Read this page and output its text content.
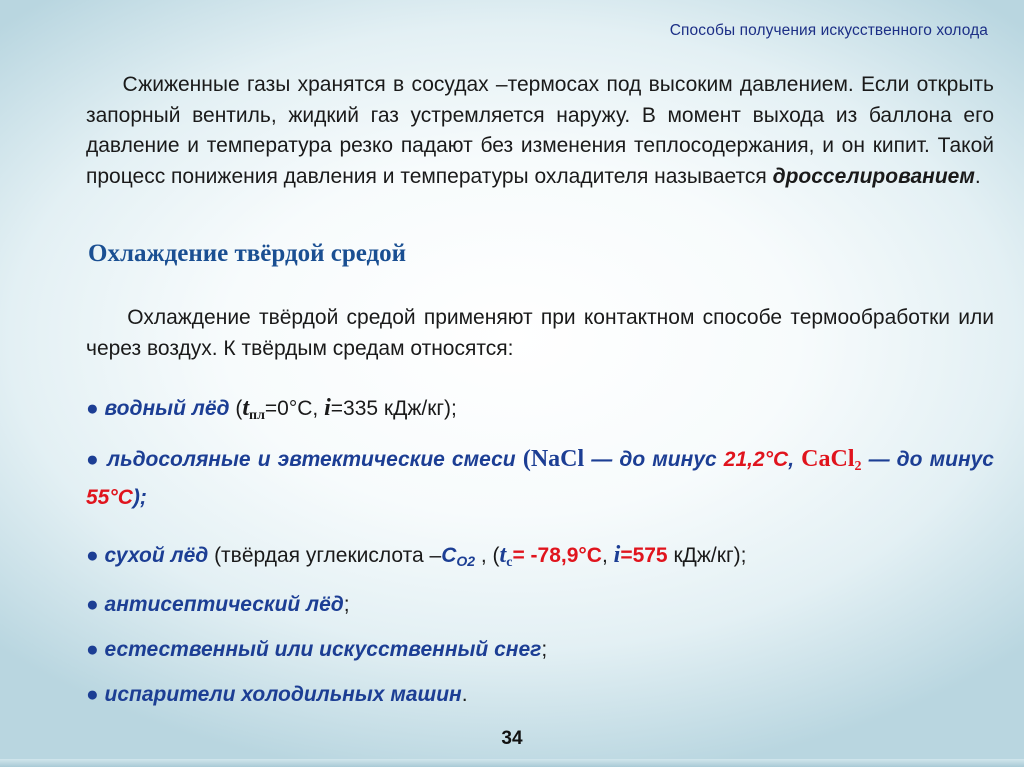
Способы получения искусственного холода

Сжиженные газы хранятся в сосудах –термосах под высоким давлением. Если открыть запорный вентиль, жидкий газ устремляется наружу. В момент выхода из баллона его давление и температура резко падают без изменения теплосодержания, и он кипит. Такой процесс понижения давления и температуры охладителя называется дросселированием.

Охлаждение твёрдой средой

Охлаждение твёрдой средой применяют при контактном способе термообработки или через воздух. К твёрдым средам относятся:

● водный лёд ($t_{пл}=0^\circ С$, i=335 кДж/кг);
● льдосоляные и эвтектические смеси (NaCl — до минус 21,2°С, CaCl$_2$ — до минус 55°С);
● сухой лёд (твёрдая углекислота $-С_{О2}$ , ($t_с= -78,9^\circ С$, i=575 кДж/кг);
● антисептический лёд;
● естественный или искусственный снег;
● испарители холодильных машин.
34
